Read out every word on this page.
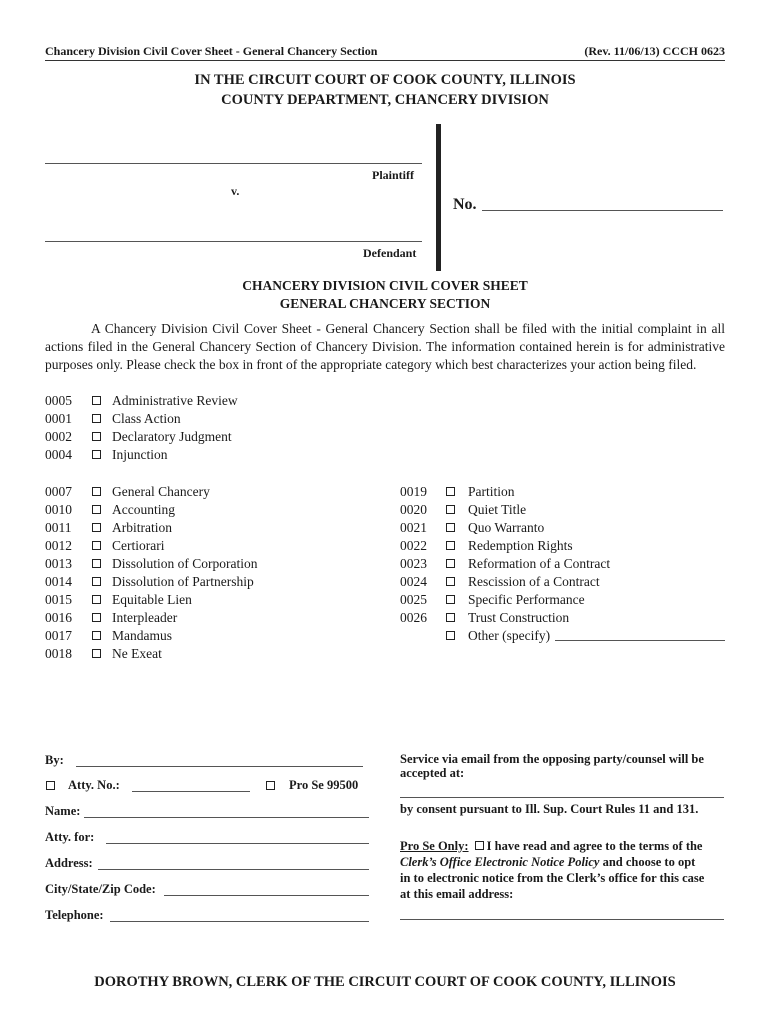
Chancery Division Civil Cover Sheet - General Chancery Section	(Rev. 11/06/13) CCCH 0623
IN THE CIRCUIT COURT OF COOK COUNTY, ILLINOIS
COUNTY DEPARTMENT, CHANCERY DIVISION
Plaintiff
v.
Defendant
No.
CHANCERY DIVISION CIVIL COVER SHEET
GENERAL CHANCERY SECTION
A Chancery Division Civil Cover Sheet - General Chancery Section shall be filed with the initial complaint in all actions filed in the General Chancery Section of Chancery Division. The information contained herein is for administrative purposes only. Please check the box in front of the appropriate category which best characterizes your action being filed.
0005	Administrative Review
0001	Class Action
0002	Declaratory Judgment
0004	Injunction
0007	General Chancery
0010	Accounting
0011	Arbitration
0012	Certiorari
0013	Dissolution of Corporation
0014	Dissolution of Partnership
0015	Equitable Lien
0016	Interpleader
0017	Mandamus
0018	Ne Exeat
0019	Partition
0020	Quiet Title
0021	Quo Warranto
0022	Redemption Rights
0023	Reformation of a Contract
0024	Rescission of a Contract
0025	Specific Performance
0026	Trust Construction
Other (specify)
By:
Atty. No.:	Pro Se 99500
Name:
Atty. for:
Address:
City/State/Zip Code:
Telephone:
Service via email from the opposing party/counsel will be accepted at:
by consent pursuant to Ill. Sup. Court Rules 11 and 131.
Pro Se Only: I have read and agree to the terms of the
Clerk’s Office Electronic Notice Policy and choose to opt
in to electronic notice from the Clerk’s office for this case
at this email address:
DOROTHY BROWN, CLERK OF THE CIRCUIT COURT OF COOK COUNTY, ILLINOIS
